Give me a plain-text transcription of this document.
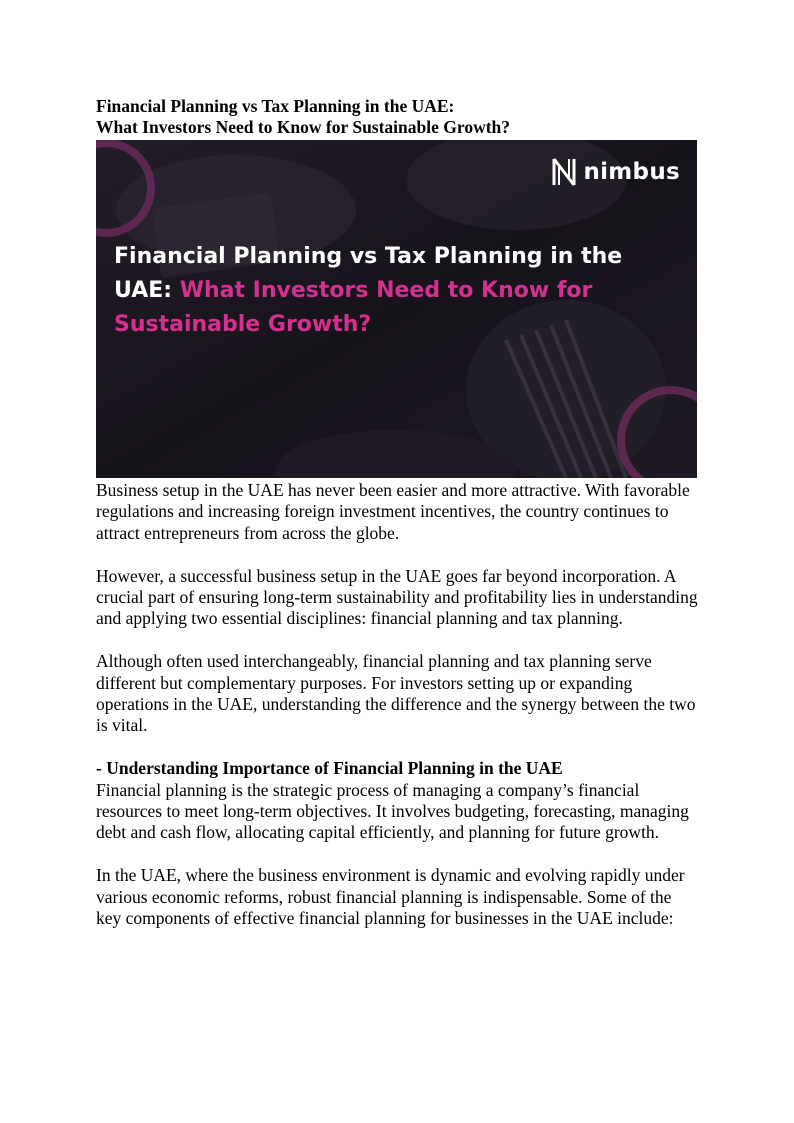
Financial Planning vs Tax Planning in the UAE:

What Investors Need to Know for Sustainable Growth?

nimbus

Financial Planning vs Tax Planning in the UAE: What Investors Need to Know for Sustainable Growth?

Business setup in the UAE has never been easier and more attractive. With favorable regulations and increasing foreign investment incentives, the country continues to attract entrepreneurs from across the globe.

However, a successful business setup in the UAE goes far beyond incorporation. A crucial part of ensuring long-term sustainability and profitability lies in understanding and applying two essential disciplines: financial planning and tax planning.

Although often used interchangeably, financial planning and tax planning serve different but complementary purposes. For investors setting up or expanding operations in the UAE, understanding the difference and the synergy between the two is vital.

- Understanding Importance of Financial Planning in the UAE

Financial planning is the strategic process of managing a company’s financial resources to meet long-term objectives. It involves budgeting, forecasting, managing debt and cash flow, allocating capital efficiently, and planning for future growth.

In the UAE, where the business environment is dynamic and evolving rapidly under various economic reforms, robust financial planning is indispensable. Some of the key components of effective financial planning for businesses in the UAE include:
